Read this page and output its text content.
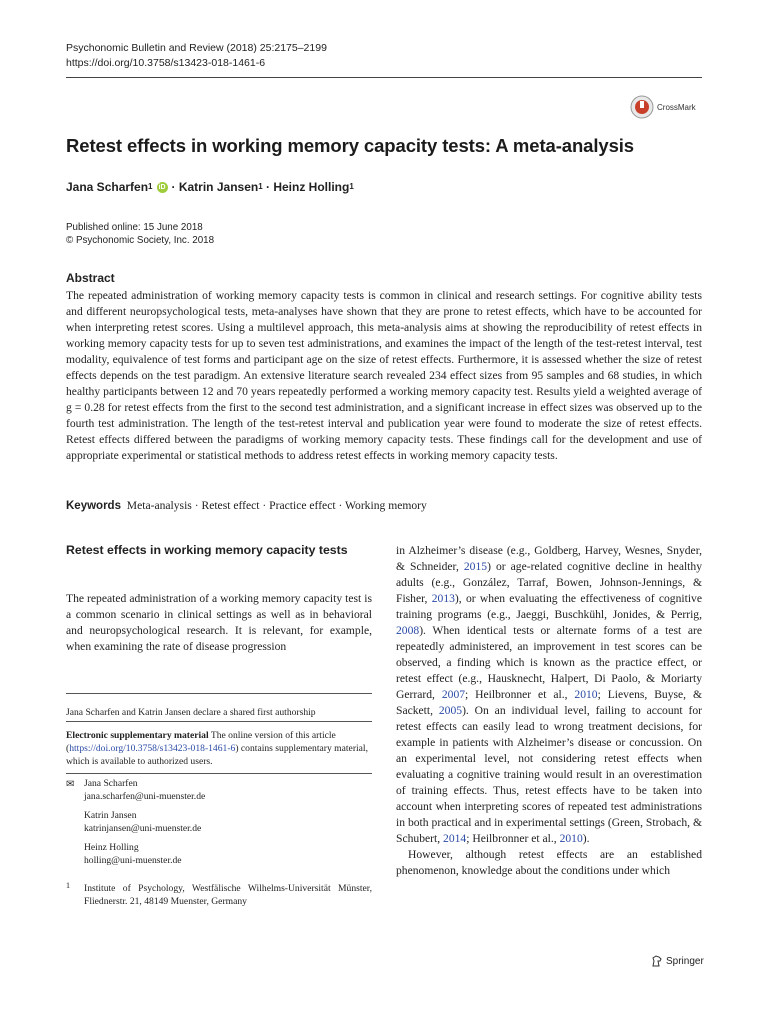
Psychonomic Bulletin and Review (2018) 25:2175–2199
https://doi.org/10.3758/s13423-018-1461-6
CrossMark
Retest effects in working memory capacity tests: A meta-analysis
Jana Scharfen$^1$ iD ·
Katrin Jansen$^1$
·
Heinz Holling$^1$
Published online: 15 June 2018
© Psychonomic Society, Inc. 2018
Abstract
The repeated administration of working memory capacity tests is common in clinical and research settings. For cognitive ability tests and different neuropsychological tests, meta-analyses have shown that they are prone to retest effects, which have to be accounted for when interpreting retest scores. Using a multilevel approach, this meta-analysis aims at showing the reproducibility of retest effects in working memory capacity tests for up to seven test administrations, and examines the impact of the length of the test-retest interval, test modality, equivalence of test forms and participant age on the size of retest effects. Furthermore, it is assessed whether the size of retest effects depends on the test paradigm. An extensive literature search revealed 234 effect sizes from 95 samples and 68 studies, in which healthy participants between 12 and 70 years repeatedly performed a working memory capacity test. Results yield a weighted average of g = 0.28 for retest effects from the first to the second test administration, and a significant increase in effect sizes was observed up to the fourth test administration. The length of the test-retest interval and publication year were found to moderate the size of retest effects. Retest effects differed between the paradigms of working memory capacity tests. These findings call for the development and use of appropriate experimental or statistical methods to address retest effects in working memory capacity tests.
Keywords Meta-analysis · Retest effect · Practice effect · Working memory
Retest effects in working memory capacity tests
The repeated administration of a working memory capacity test is a common scenario in clinical settings as well as in behavioral and neuropsychological research. It is relevant, for example, when examining the rate of disease progression
Jana Scharfen and Katrin Jansen declare a shared first authorship
Electronic supplementary material The online version of this article (https://doi.org/10.3758/s13423-018-1461-6) contains supplementary material, which is available to authorized users.
✉ Jana Scharfen
jana.scharfen@uni-muenster.de
Katrin Jansen
katrinjansen@uni-muenster.de
Heinz Holling
holling@uni-muenster.de
1 Institute of Psychology, Westfälische Wilhelms-Universität Münster, Fliednerstr. 21, 48149 Muenster, Germany

in Alzheimer’s disease (e.g., Goldberg, Harvey, Wesnes, Snyder, & Schneider, 2015) or age-related cognitive decline in healthy adults (e.g., González, Tarraf, Bowen, Johnson-Jennings, & Fisher, 2013), or when evaluating the effectiveness of cognitive training programs (e.g., Jaeggi, Buschkühl, Jonides, & Perrig, 2008). When identical tests or alternate forms of a test are repeatedly administered, an improvement in test scores can be observed, a finding which is known as the practice effect, or retest effect (e.g., Hausknecht, Halpert, Di Paolo, & Moriarty Gerrard, 2007; Heilbronner et al., 2010; Lievens, Buyse, & Sackett, 2005). On an individual level, failing to account for retest effects can easily lead to wrong treatment decisions, for example in patients with Alzheimer’s disease or concussion. On an experimental level, not considering retest effects when evaluating a cognitive training would result in an overestimation of training effects. Thus, retest effects have to be taken into account when interpreting scores of repeated test administrations in both practical and in experimental settings (Green, Strobach, & Schubert, 2014; Heilbronner et al., 2010).

However, although retest effects are an established phenomenon, knowledge about the conditions under which

Springer
